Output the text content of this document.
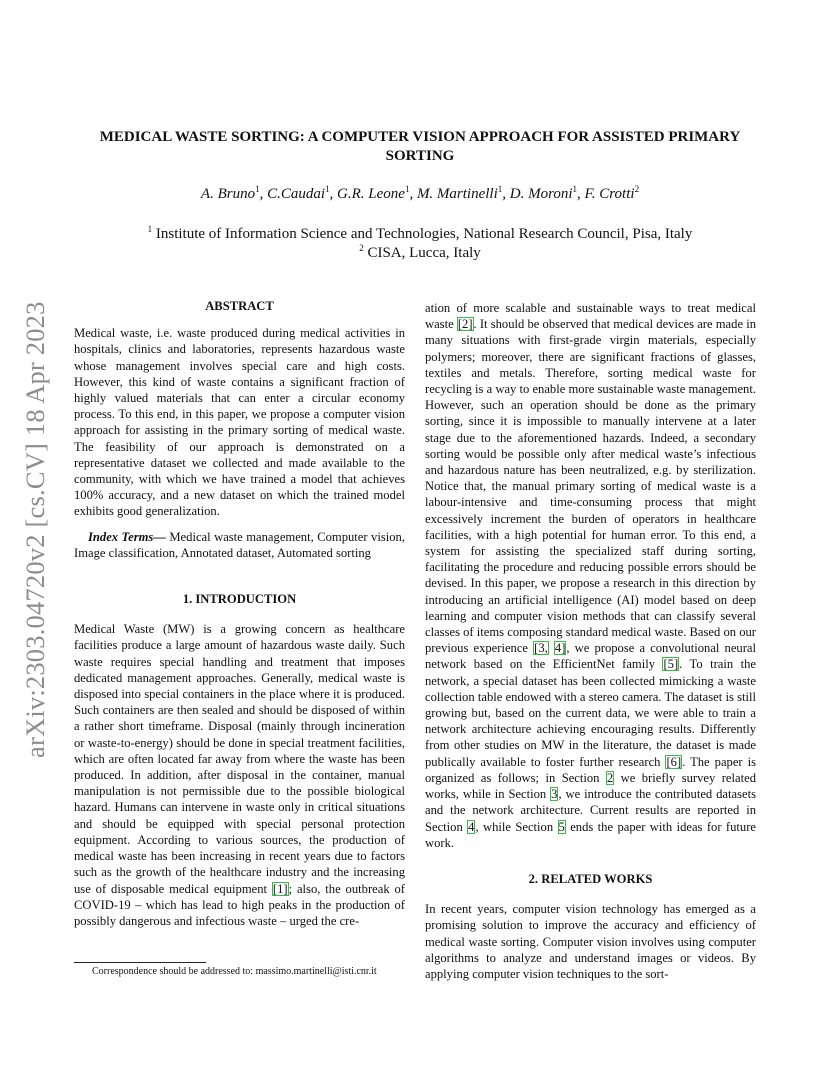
arXiv:2303.04720v2 [cs.CV] 18 Apr 2023
MEDICAL WASTE SORTING: A COMPUTER VISION APPROACH FOR ASSISTED PRIMARY SORTING

A. Bruno$^1$, C.Caudai$^1$, G.R. Leone$^1$, M. Martinelli$^1$, D. Moroni$^1$, F. Crotti$^2$

$^1$ Institute of Information Science and Technologies, National Research Council, Pisa, Italy

$^2$ CISA, Lucca, Italy

ABSTRACT

Medical waste, i.e. waste produced during medical activities in hospitals, clinics and laboratories, represents hazardous waste whose management involves special care and high costs. However, this kind of waste contains a significant fraction of highly valued materials that can enter a circular economy process. To this end, in this paper, we propose a computer vision approach for assisting in the primary sorting of medical waste. The feasibility of our approach is demonstrated on a representative dataset we collected and made available to the community, with which we have trained a model that achieves 100% accuracy, and a new dataset on which the trained model exhibits good generalization.

Index Terms— Medical waste management, Computer vision, Image classification, Annotated dataset, Automated sorting

1. INTRODUCTION

Medical Waste (MW) is a growing concern as healthcare facilities produce a large amount of hazardous waste daily. Such waste requires special handling and treatment that imposes dedicated management approaches. Generally, medical waste is disposed into special containers in the place where it is produced. Such containers are then sealed and should be disposed of within a rather short timeframe. Disposal (mainly through incineration or waste-to-energy) should be done in special treatment facilities, which are often located far away from where the waste has been produced. In addition, after disposal in the container, manual manipulation is not permissible due to the possible biological hazard. Humans can intervene in waste only in critical situations and should be equipped with special personal protection equipment. According to various sources, the production of medical waste has been increasing in recent years due to factors such as the growth of the healthcare industry and the increasing use of disposable medical equipment [1]; also, the outbreak of COVID-19 – which has lead to high peaks in the production of possibly dangerous and infectious waste – urged the cre-

ation of more scalable and sustainable ways to treat medical waste [2]. It should be observed that medical devices are made in many situations with first-grade virgin materials, especially polymers; moreover, there are significant fractions of glasses, textiles and metals. Therefore, sorting medical waste for recycling is a way to enable more sustainable waste management. However, such an operation should be done as the primary sorting, since it is impossible to manually intervene at a later stage due to the aforementioned hazards. Indeed, a secondary sorting would be possible only after medical waste’s infectious and hazardous nature has been neutralized, e.g. by sterilization. Notice that, the manual primary sorting of medical waste is a labour-intensive and time-consuming process that might excessively increment the burden of operators in healthcare facilities, with a high potential for human error. To this end, a system for assisting the specialized staff during sorting, facilitating the procedure and reducing possible errors should be devised. In this paper, we propose a research in this direction by introducing an artificial intelligence (AI) model based on deep learning and computer vision methods that can classify several classes of items composing standard medical waste. Based on our previous experience [3, 4], we propose a convolutional neural network based on the EfficientNet family [5]. To train the network, a special dataset has been collected mimicking a waste collection table endowed with a stereo camera. The dataset is still growing but, based on the current data, we were able to train a network architecture achieving encouraging results. Differently from other studies on MW in the literature, the dataset is made publically available to foster further research [6]. The paper is organized as follows; in Section 2 we briefly survey related works, while in Section 3, we introduce the contributed datasets and the network architecture. Current results are reported in Section 4, while Section 5 ends the paper with ideas for future work.

2. RELATED WORKS

In recent years, computer vision technology has emerged as a promising solution to improve the accuracy and efficiency of medical waste sorting. Computer vision involves using computer algorithms to analyze and understand images or videos. By applying computer vision techniques to the sort-

Correspondence should be addressed to: massimo.martinelli@isti.cnr.it
